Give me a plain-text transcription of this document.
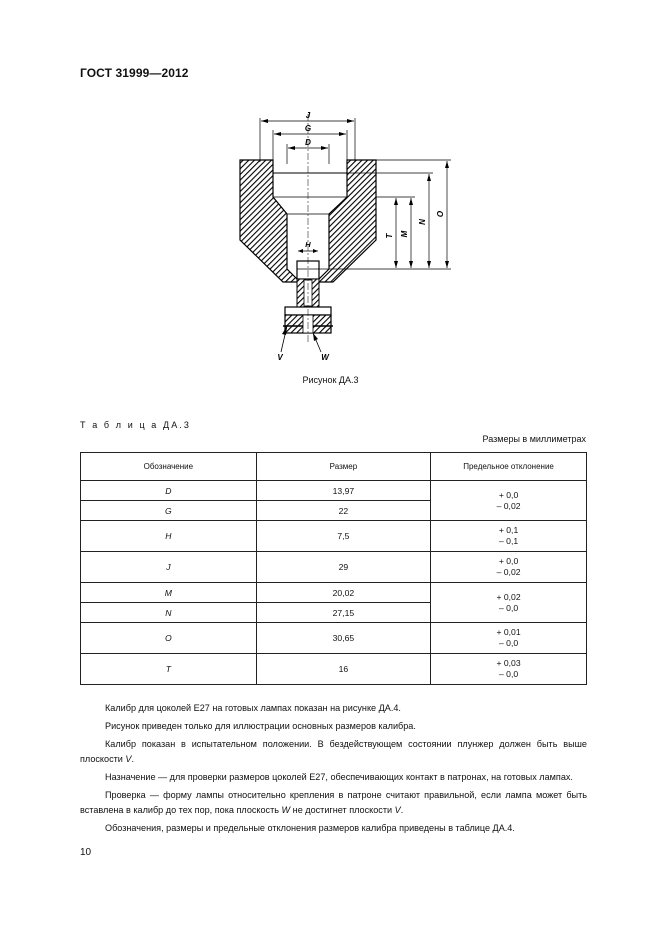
ГОСТ 31999—2012
J
G
D
H
T M
N
O
V	W
Рисунок ДА.3
Т а б л и ц а ДА.3
Размеры в миллиметрах
Обозначение	Размер	Предельное отклонение
D	13,97	+ 0,0
– 0,02
G	22	
H	7,5	+ 0,1
– 0,1
J	29	+ 0,0
– 0,02
M	20,02	+ 0,02
– 0,0
N	27,15	
O	30,65	+ 0,01
– 0,0
T	16	+ 0,03
– 0,0

Калибр для цоколей E27 на готовых лампах показан на рисунке ДА.4.

Рисунок приведен только для иллюстрации основных размеров калибра.

Калибр показан в испытательном положении. В бездействующем состоянии плунжер должен быть выше плоскости V.

Назначение — для проверки размеров цоколей E27, обеспечивающих контакт в патронах, на готовых лампах.

Проверка — форму лампы относительно крепления в патроне считают правильной, если лампа может быть вставлена в калибр до тех пор, пока плоскость W не достигнет плоскости V.

Обозначения, размеры и предельные отклонения размеров калибра приведены в таблице ДА.4.

10
